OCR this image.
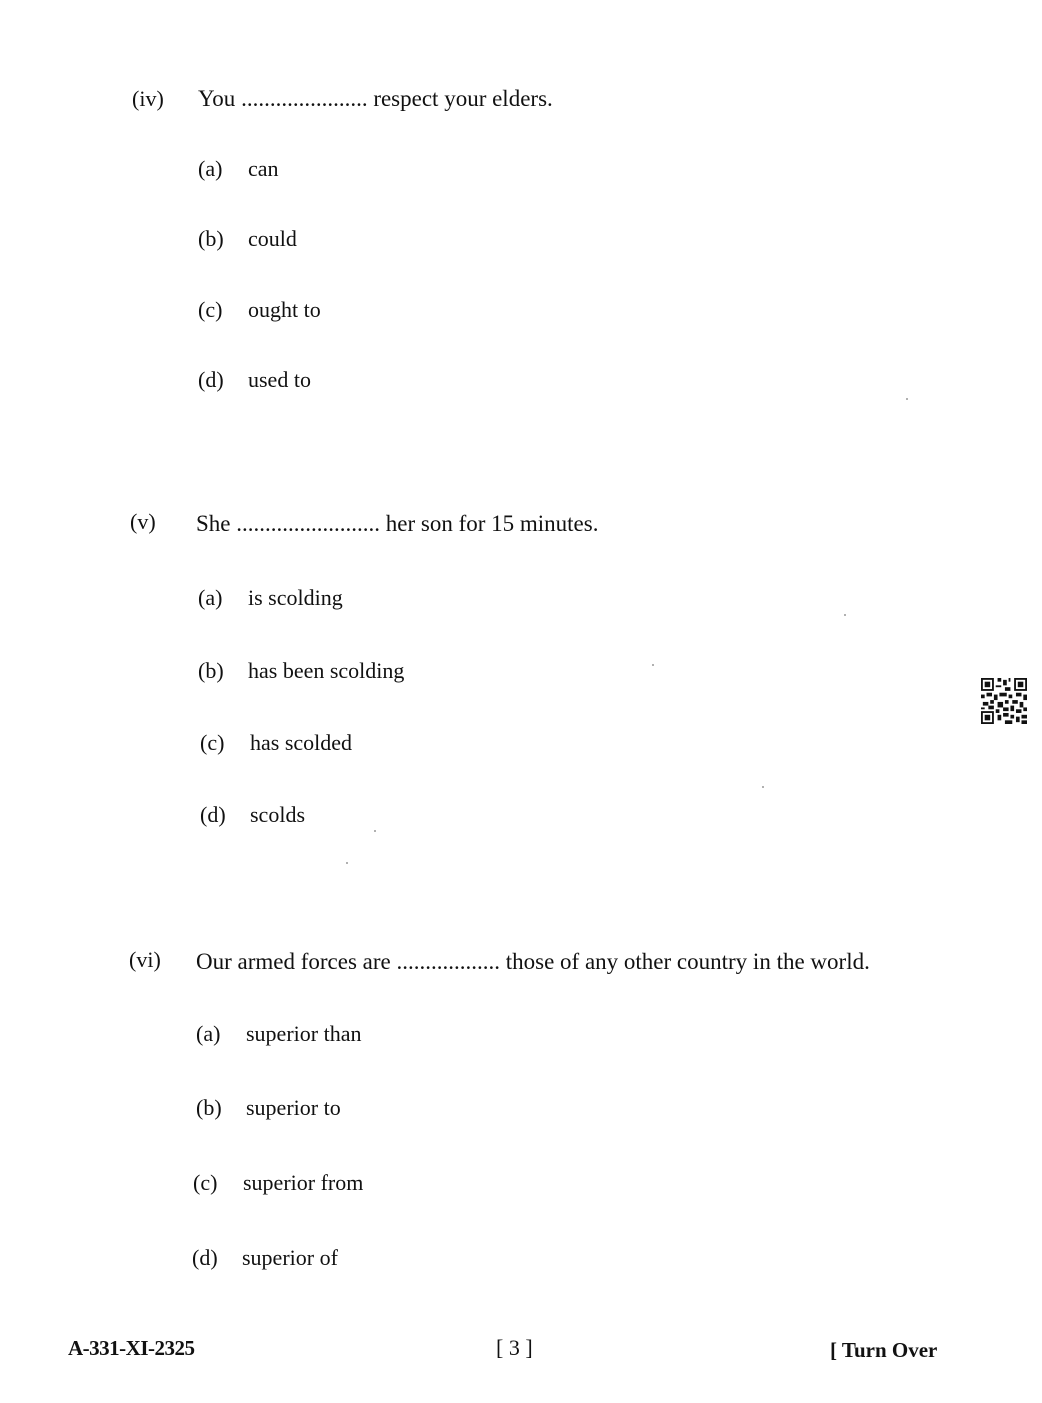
(iv) You ...................... respect your elders.
(a) can
(b) could
(c) ought to
(d) used to
(v) She ......................... her son for 15 minutes.
(a) is scolding
(b) has been scolding
(c) has scolded
(d) scolds
(vi) Our armed forces are .................. those of any other country in the world.
(a) superior than
(b) superior to
(c) superior from
(d) superior of
A-331-XI-2325	[ 3 ]	[ Turn Over
